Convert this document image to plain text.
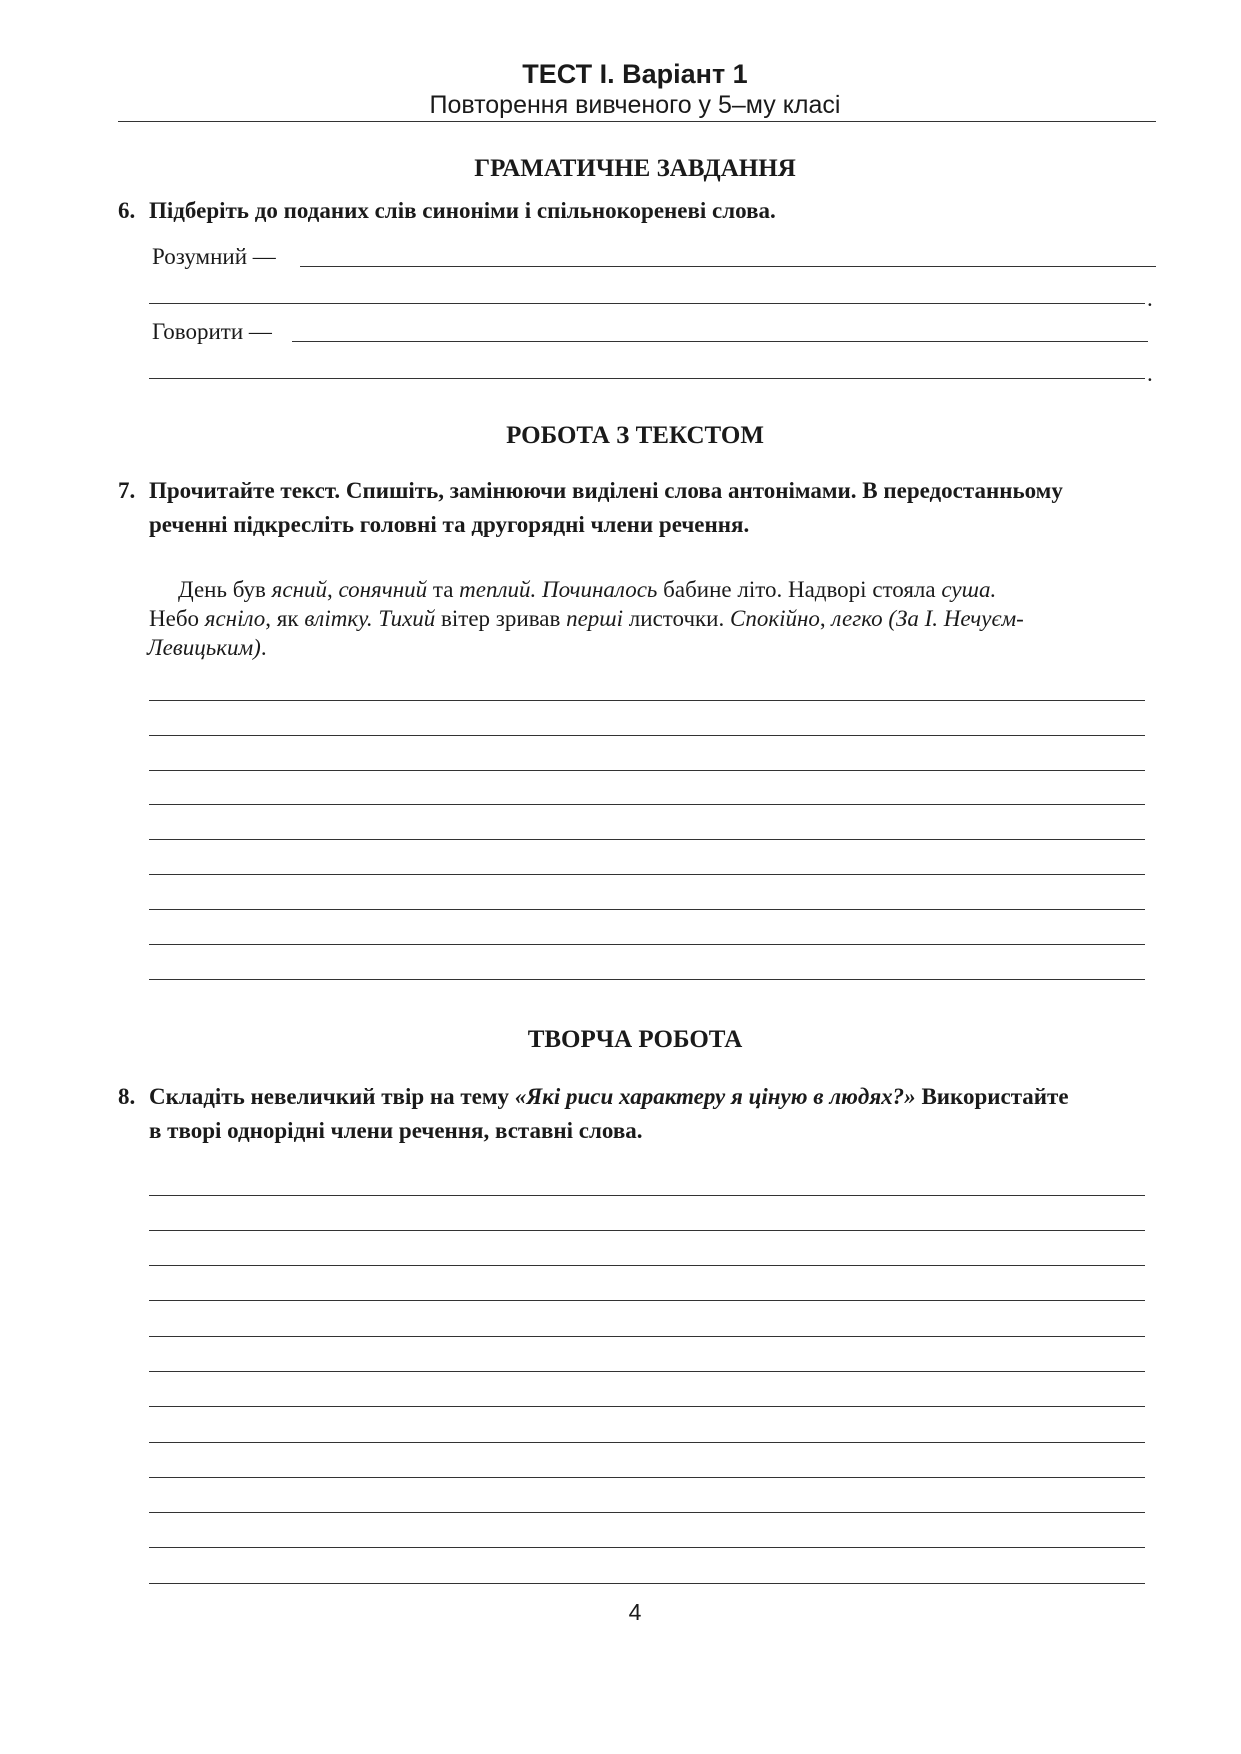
ТЕСТ І. Варіант 1
Повторення вивченого у 5–му класі
ГРАМАТИЧНЕ ЗАВДАННЯ
6. Підберіть до поданих слів синоніми і спільнокореневі слова.
Розумний —
.
Говорити —
.
РОБОТА З ТЕКСТОМ
7. Прочитайте текст. Спишіть, замінюючи виділені слова антонімами. В передостанньому
реченні підкресліть головні та другорядні члени речення.
День був ясний, сонячний та теплий. Починалось бабине літо. Надворі стояла суша.
Небо ясніло, як влітку. Тихий вітер зривав перші листочки. Спокійно, легко (За І. Нечуєм-
Левицьким).
ТВОРЧА РОБОТА
8. Складіть невеличкий твір на тему «Які риси характеру я ціную в людях?» Використайте
в творі однорідні члени речення, вставні слова.
4
